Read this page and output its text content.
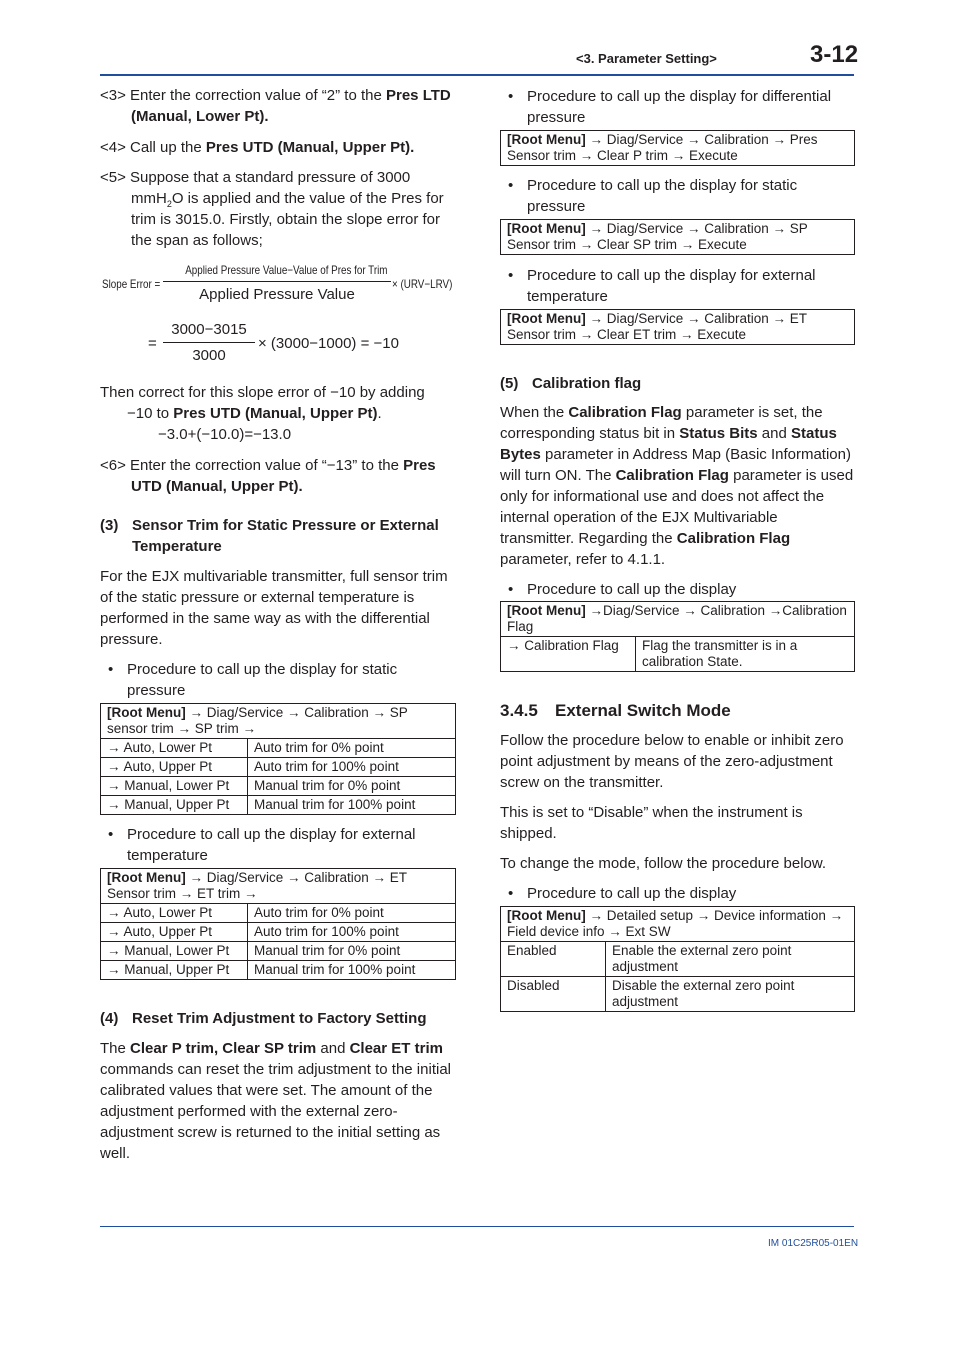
<3. Parameter Setting>	3-12

<3> Enter the correction value of “2” to the Pres LTD (Manual, Lower Pt).

<4> Call up the Pres UTD (Manual, Upper Pt).

<5> Suppose that a standard pressure of 3000 mmH$_2$O is applied and the value of the Pres for trim is 3015.0. Firstly, obtain the slope error for the span as follows;

Slope Error =
Applied Pressure Value−Value of Pres for Trim
Applied Pressure Value
× (URV−LRV)
=
3000−3015
3000
× (3000−1000) = −10

Then correct for this slope error of −10 by adding

−10 to Pres UTD (Manual, Upper Pt).

−3.0+(−10.0)=−13.0

<6> Enter the correction value of “−13” to the Pres UTD (Manual, Upper Pt).

(3) Sensor Trim for Static Pressure or External Temperature

For the EJX multivariable transmitter, full sensor trim of the static pressure or external temperature is performed in the same way as with the differential pressure.

• Procedure to call up the display for static pressure

[Root Menu] → Diag/Service → Calibration → SP sensor trim → SP trim →	
→ Auto, Lower Pt	Auto trim for 0% point
→ Auto, Upper Pt	Auto trim for 100% point
→ Manual, Lower Pt	Manual trim for 0% point
→ Manual, Upper Pt	Manual trim for 100% point

• Procedure to call up the display for external temperature

[Root Menu] → Diag/Service → Calibration → ET Sensor trim → ET trim →	
→ Auto, Lower Pt	Auto trim for 0% point
→ Auto, Upper Pt	Auto trim for 100% point
→ Manual, Lower Pt	Manual trim for 0% point
→ Manual, Upper Pt	Manual trim for 100% point
(4) Reset Trim Adjustment to Factory Setting

The Clear P trim, Clear SP trim and Clear ET trim commands can reset the trim adjustment to the initial calibrated values that were set. The amount of the adjustment performed with the external zero-adjustment screw is returned to the initial setting as well.

• Procedure to call up the display for differential pressure

[Root Menu] → Diag/Service → Calibration → Pres Sensor trim → Clear P trim → Execute

• Procedure to call up the display for static pressure

[Root Menu] → Diag/Service → Calibration → SP Sensor trim → Clear SP trim → Execute

• Procedure to call up the display for external temperature

[Root Menu] → Diag/Service → Calibration → ET Sensor trim → Clear ET trim → Execute
(5) Calibration flag

When the Calibration Flag parameter is set, the corresponding status bit in Status Bits and Status Bytes parameter in Address Map (Basic Information) will turn ON. The Calibration Flag parameter is used only for informational use and does not affect the internal operation of the EJX Multivariable transmitter. Regarding the Calibration Flag parameter, refer to 4.1.1.

• Procedure to call up the display

[Root Menu] →Diag/Service → Calibration →Calibration Flag
→ Calibration Flag	Flag the transmitter is in a calibration State.
3.4.5 External Switch Mode

Follow the procedure below to enable or inhibit zero point adjustment by means of the zero-adjustment screw on the transmitter.

This is set to “Disable” when the instrument is shipped.

To change the mode, follow the procedure below.

• Procedure to call up the display

[Root Menu] → Detailed setup → Device information → Field device info → Ext SW	
Enabled	Enable the external zero point adjustment
Disabled	Disable the external zero point adjustment
IM 01C25R05-01EN
